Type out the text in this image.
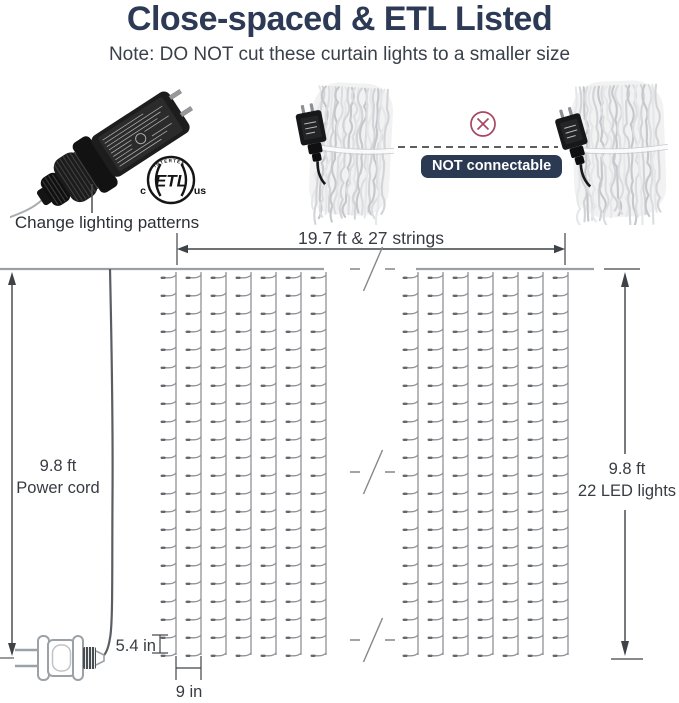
Close-spaced & ETL Listed
Note: DO NOT cut these curtain lights to a smaller size
ETL
INTERTEK
c	us
Change lighting patterns
NOT connectable
19.7 ft & 27 strings
9.8 ft
Power cord
9.8 ft
22 LED lights
5.4 in
9 in
